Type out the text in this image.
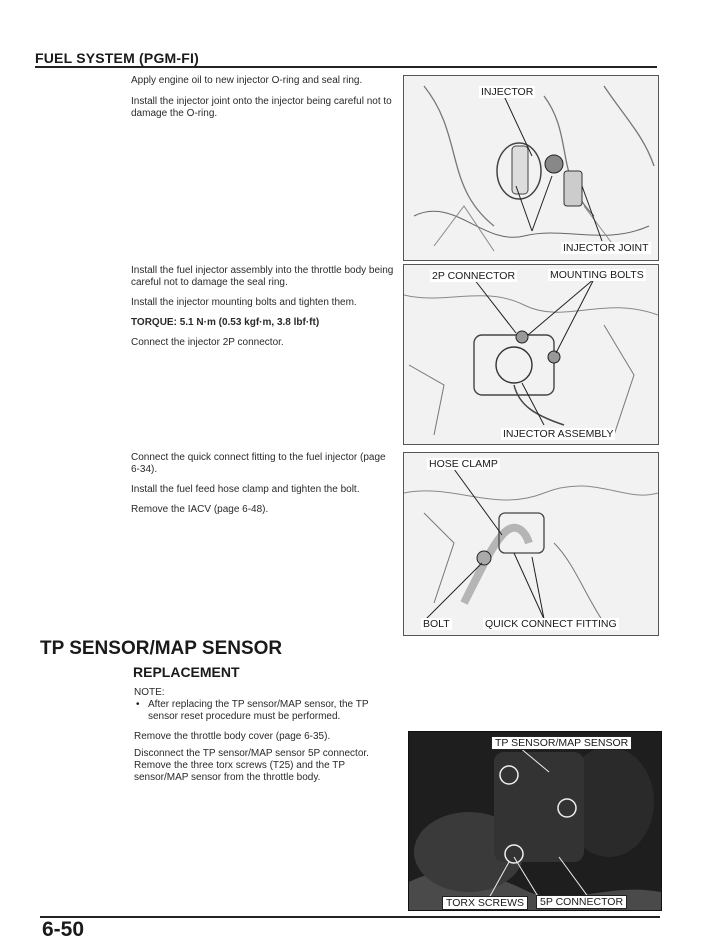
FUEL SYSTEM (PGM-FI)

Apply engine oil to new injector O-ring and seal ring.

Install the injector joint onto the injector being careful not to damage the O-ring.

INJECTOR
INJECTOR JOINT

Install the fuel injector assembly into the throttle body being careful not to damage the seal ring.

Install the injector mounting bolts and tighten them.

TORQUE: 5.1 N·m (0.53 kgf·m, 3.8 lbf·ft)

Connect the injector 2P connector.

2P CONNECTOR	MOUNTING BOLTS
INJECTOR ASSEMBLY

Connect the quick connect fitting to the fuel injector (page 6-34).

Install the fuel feed hose clamp and tighten the bolt.

Remove the IACV (page 6-48).

HOSE CLAMP
BOLT	QUICK CONNECT FITTING
TP SENSOR/MAP SENSOR
REPLACEMENT
NOTE:
• After replacing the TP sensor/MAP sensor, the TP sensor reset procedure must be performed.
Remove the throttle body cover (page 6-35).
Disconnect the TP sensor/MAP sensor 5P connector. Remove the three torx screws (T25) and the TP sensor/MAP sensor from the throttle body.
TP SENSOR/MAP SENSOR
TORX SCREWS	5P CONNECTOR
6-50
